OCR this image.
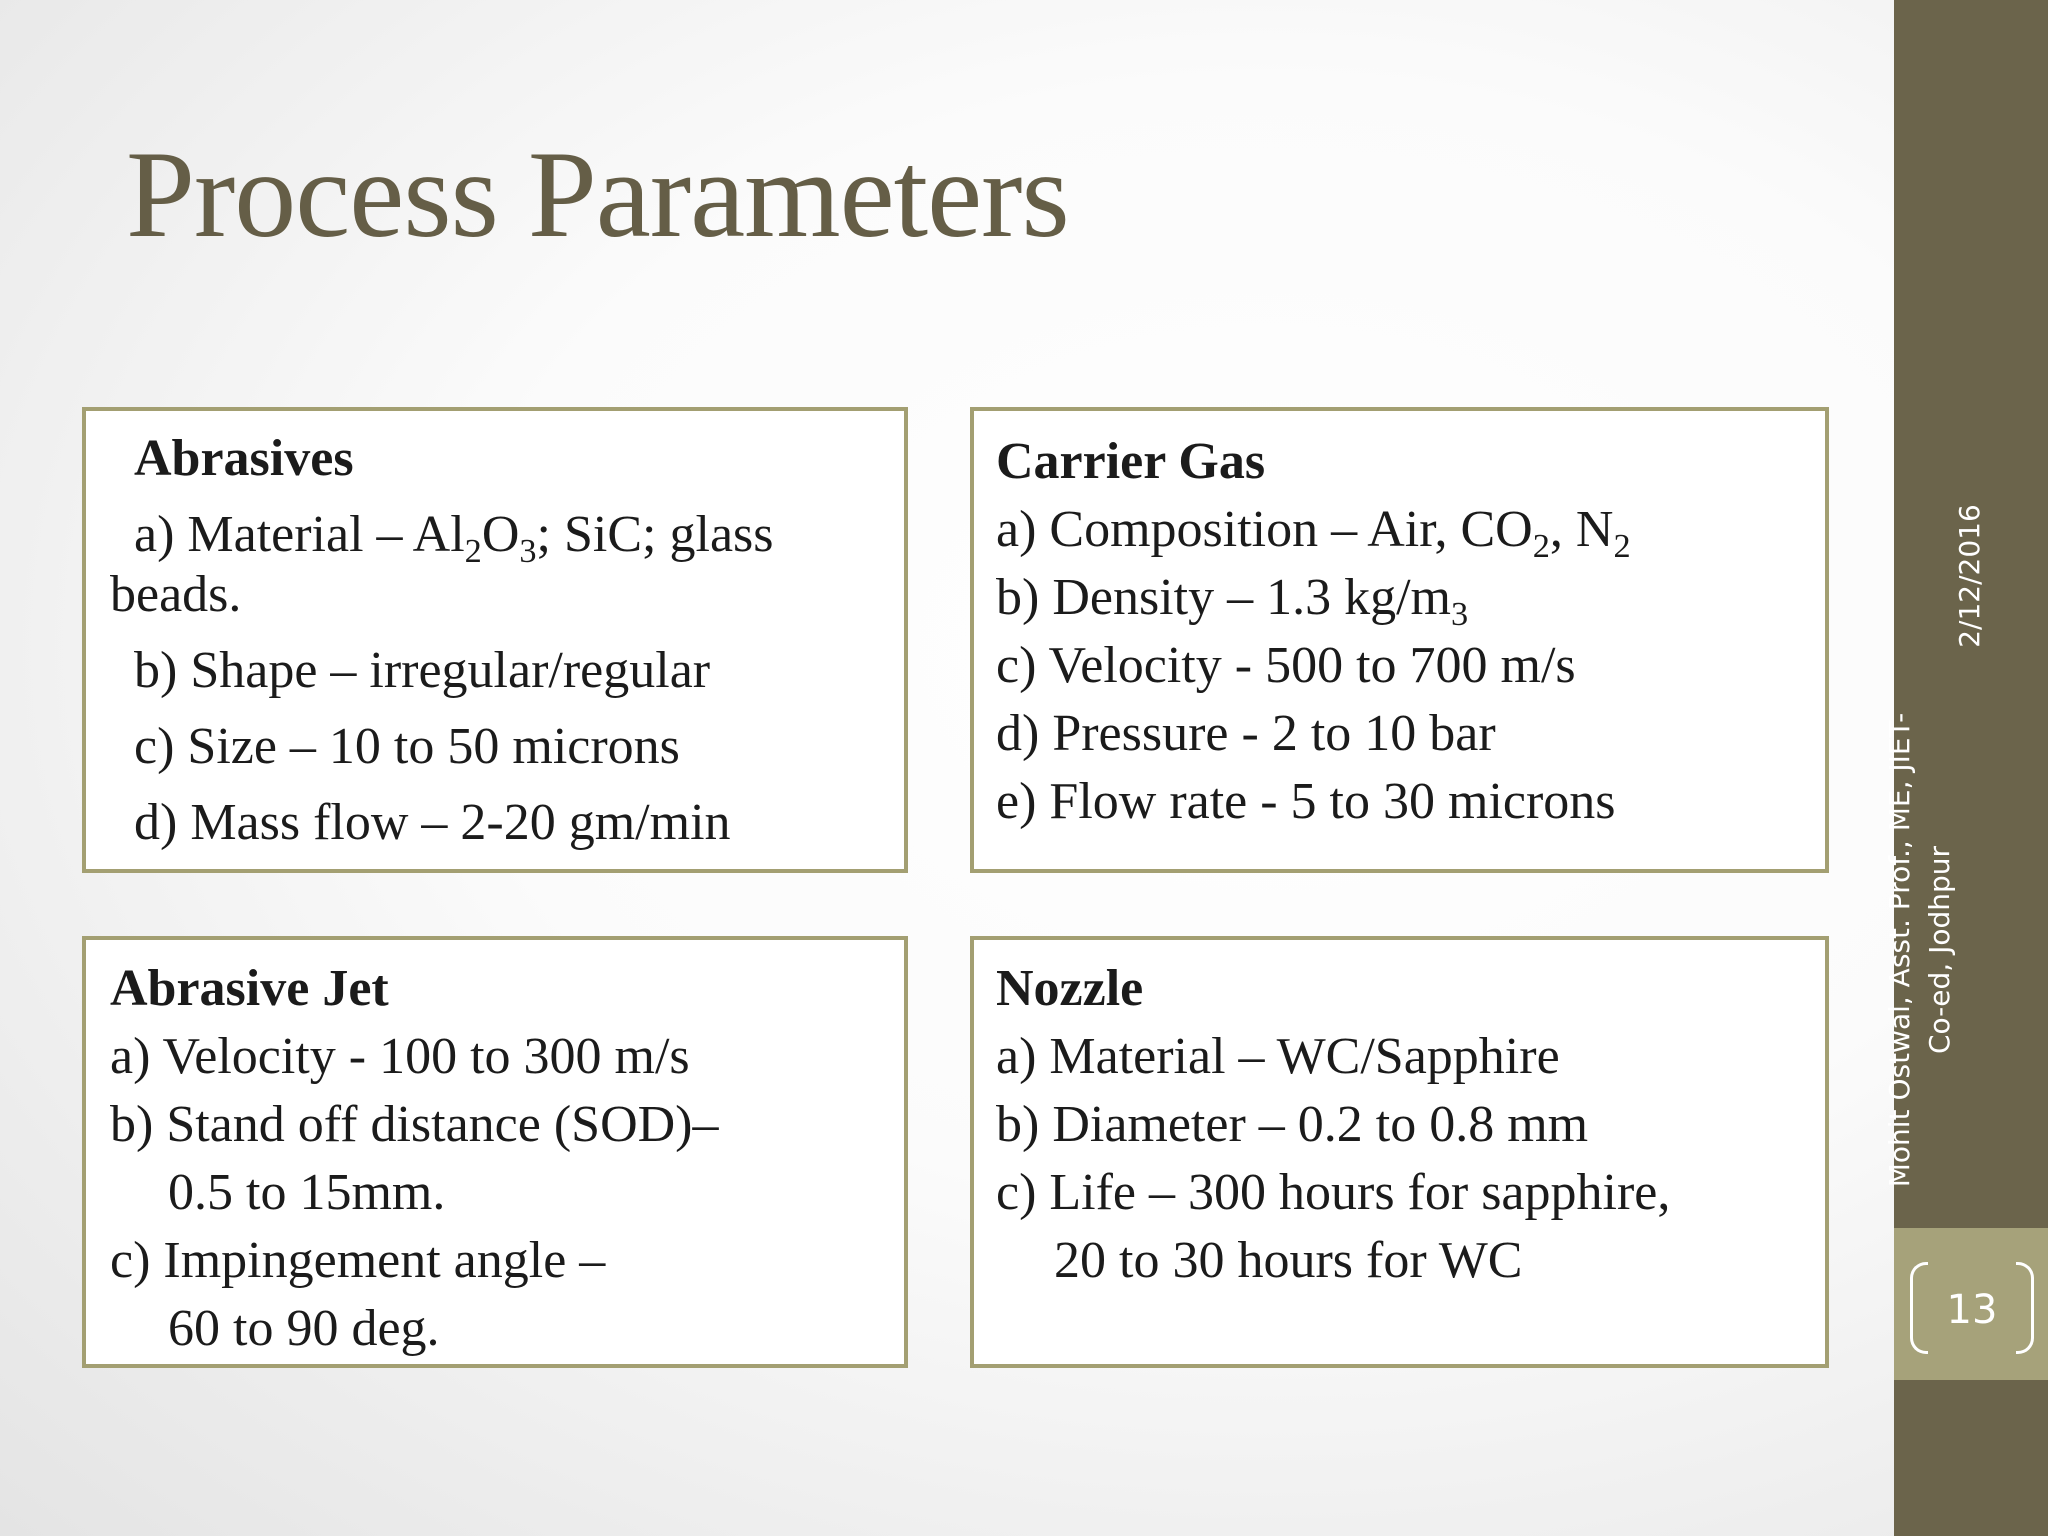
Process Parameters
Abrasives
a) Material – $Al_2O_3$; SiC; glass
beads.
b) Shape – irregular/regular
c) Size – 10 to 50 microns
d) Mass flow – 2-20 gm/min
Carrier Gas
a) Composition – Air, $CO_2$, $N_2$
b) Density – 1.3 $kg/m_3$
c) Velocity - 500 to 700 m/s
d) Pressure - 2 to 10 bar
e) Flow rate - 5 to 30 microns
Abrasive Jet
a) Velocity - 100 to 300 m/s
b) Stand off distance (SOD)–
0.5 to 15mm.
c) Impingement angle –
60 to 90 deg.
Nozzle
a) Material – WC/Sapphire
b) Diameter – 0.2 to 0.8 mm
c) Life – 300 hours for sapphire,
20 to 30 hours for WC
13
2/12/2016
Mohit Ostwal, Asst. Prof., ME, JIET- Co-ed, Jodhpur
